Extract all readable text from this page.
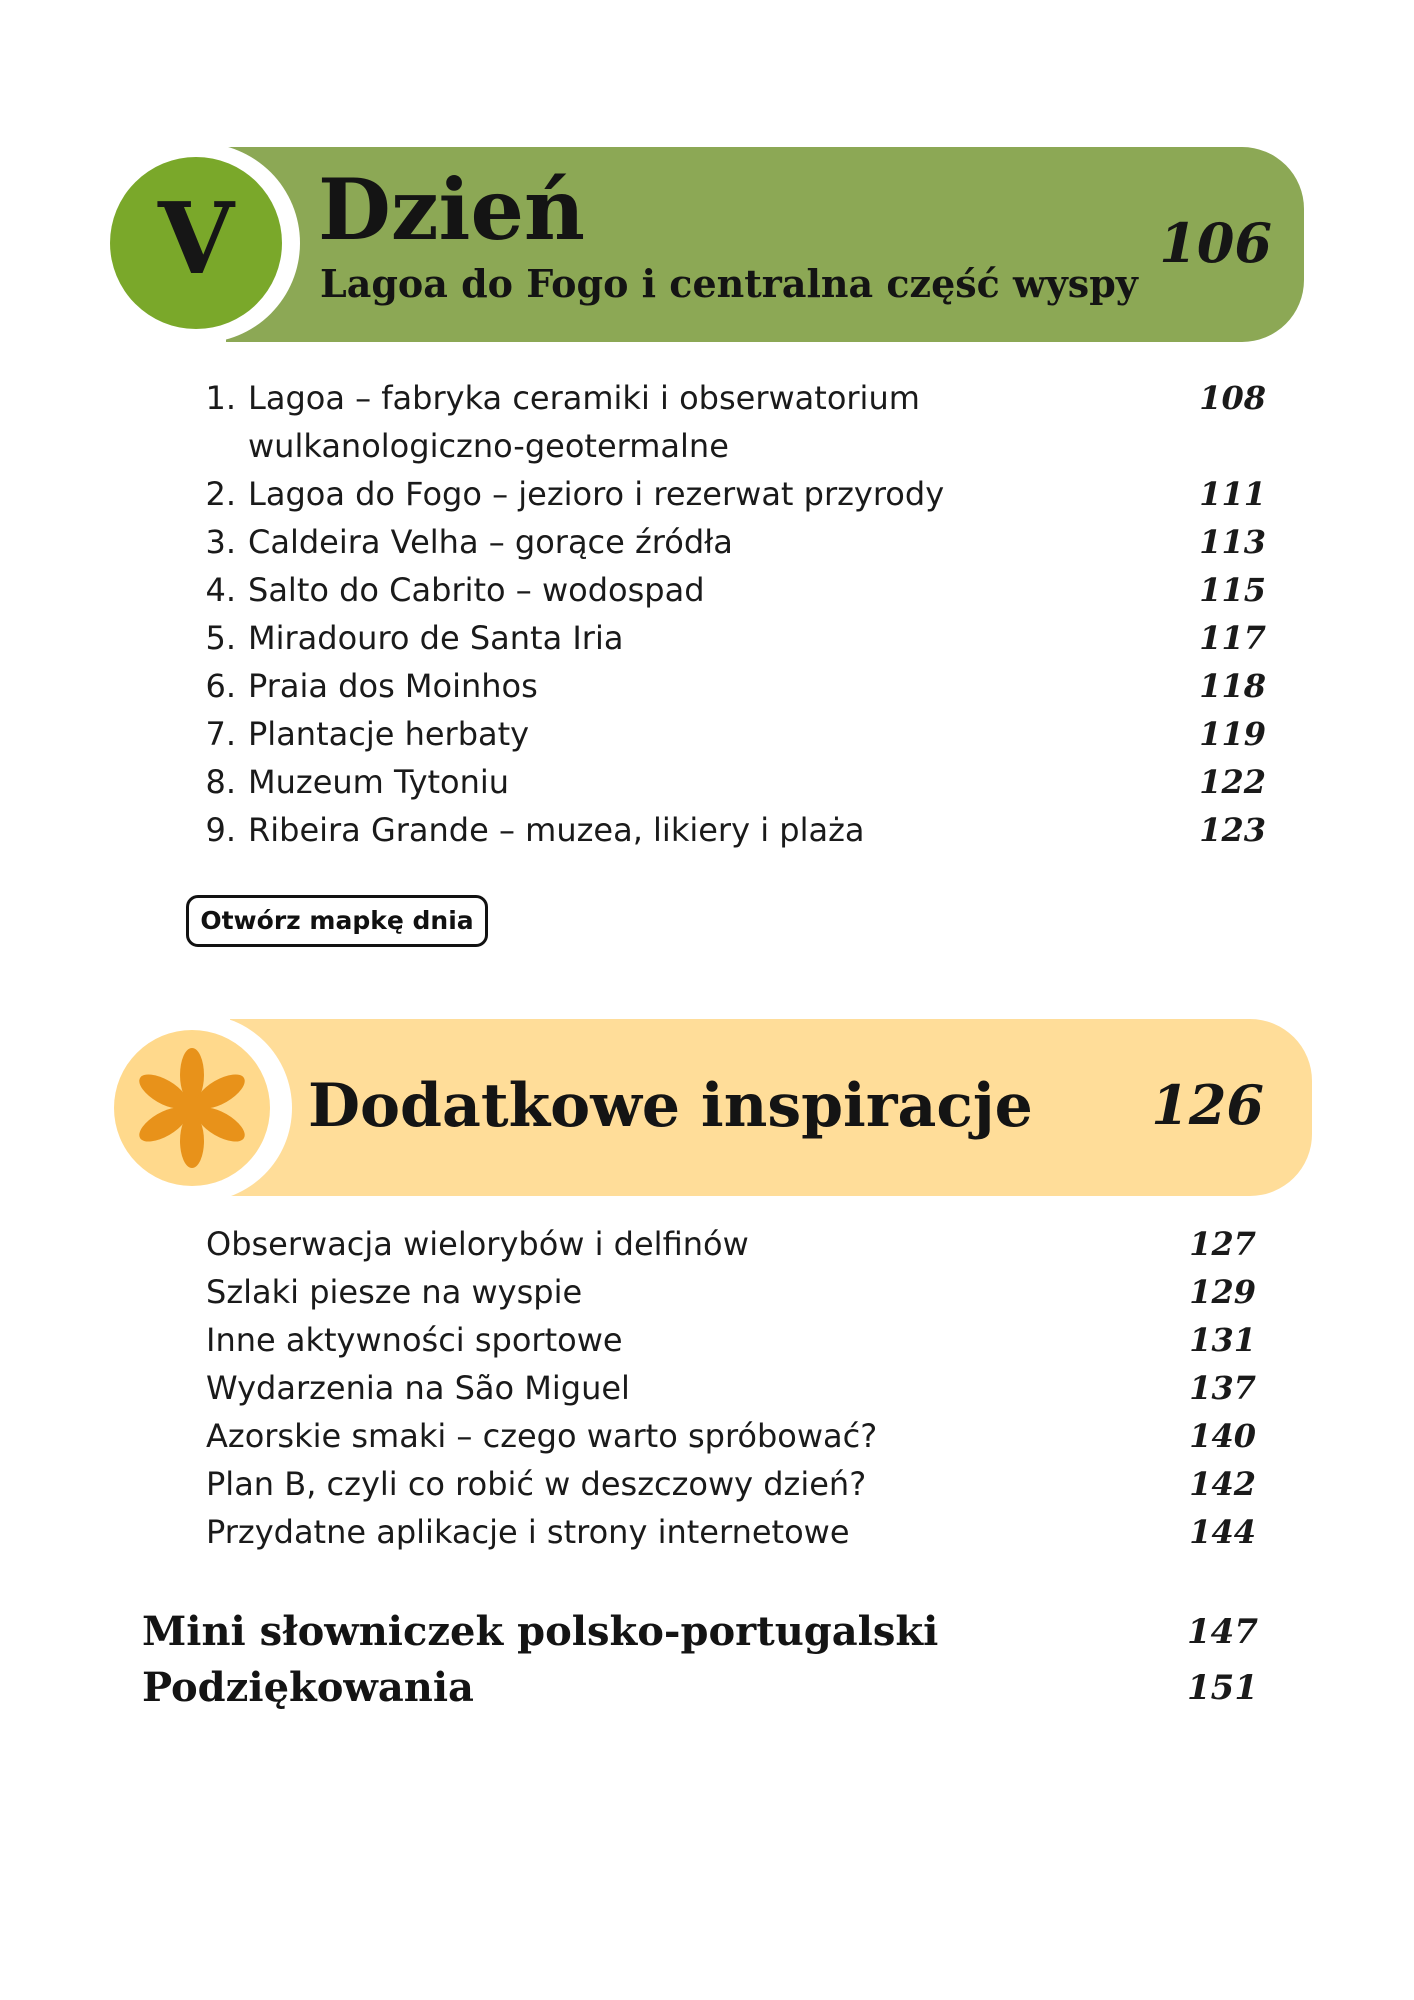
V Dzień
Lagoa do Fogo i centralna część wyspy
106
1. Lagoa – fabryka ceramiki i obserwatorium	108
wulkanologiczno-geotermalne
2. Lagoa do Fogo – jezioro i rezerwat przyrody	111
3. Caldeira Velha – gorące źródła	113
4. Salto do Cabrito – wodospad	115
5. Miradouro de Santa Iria	117
6. Praia dos Moinhos	118
7. Plantacje herbaty	119
8. Muzeum Tytoniu	122
9. Ribeira Grande – muzea, likiery i plaża	123
Otwórz mapkę dnia
Dodatkowe inspiracje 126
Obserwacja wielorybów i delfinów	127
Szlaki piesze na wyspie	129
Inne aktywności sportowe	131
Wydarzenia na São Miguel	137
Azorskie smaki – czego warto spróbować?	140
Plan B, czyli co robić w deszczowy dzień?	142
Przydatne aplikacje i strony internetowe	144
Mini słowniczek polsko-portugalski	147
Podziękowania	151
